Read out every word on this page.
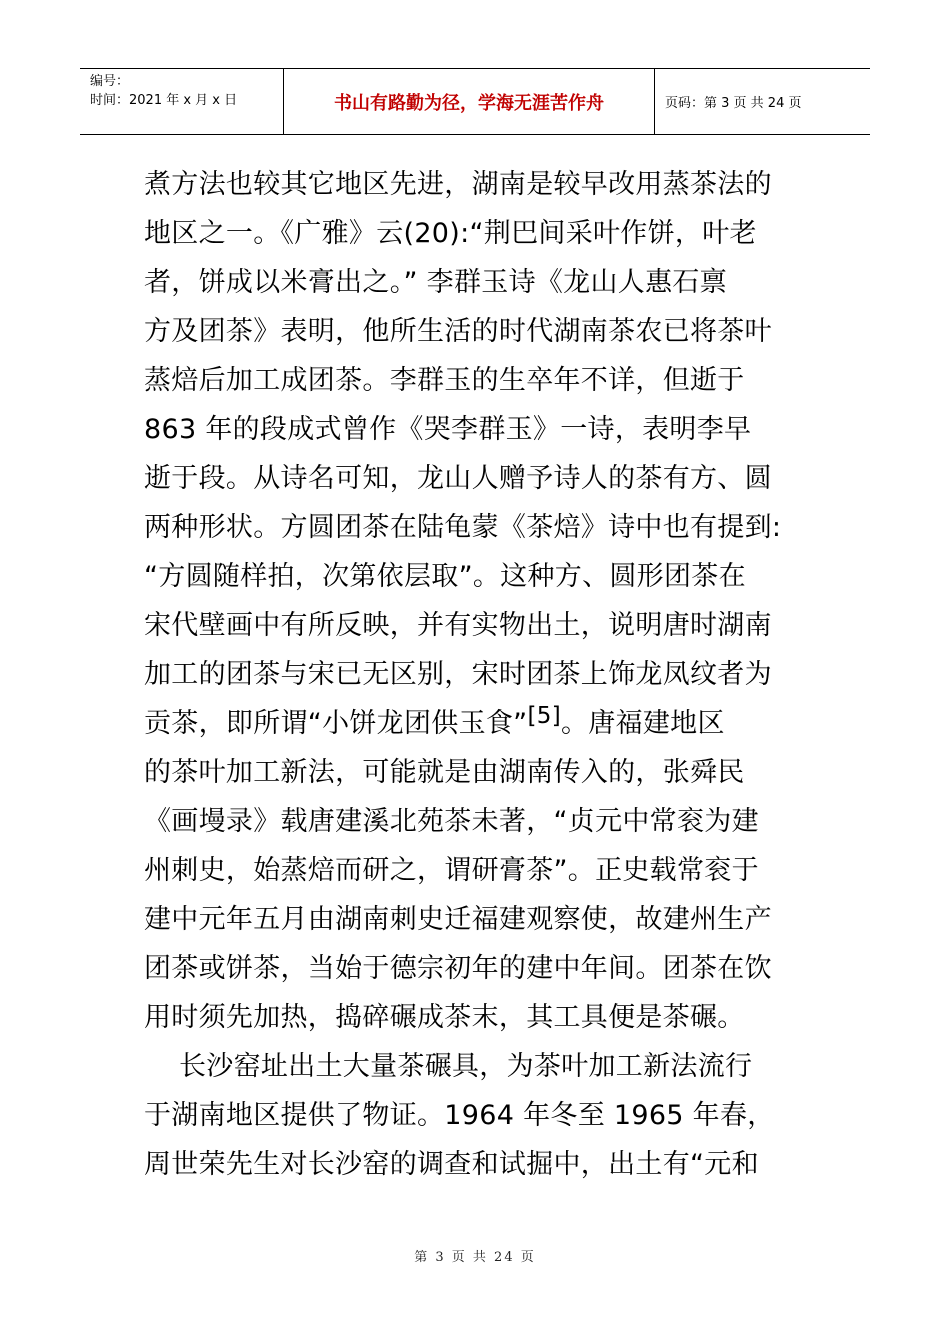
编号：
时间：2021 年 x 月 x 日	书山有路勤为径，学海无涯苦作舟	页码：第 3 页 共 24 页
煮方法也较其它地区先进，湖南是较早改用蒸茶法的
地区之一。《广雅》云(20):“荆巴间采叶作饼，叶老
者，饼成以米膏出之。” 李群玉诗《龙山人惠石禀
方及团茶》表明，他所生活的时代湖南茶农已将茶叶
蒸焙后加工成团茶。李群玉的生卒年不详，但逝于
863 年的段成式曾作《哭李群玉》一诗，表明李早
逝于段。从诗名可知，龙山人赠予诗人的茶有方、圆
两种形状。方圆团茶在陆龟蒙《茶焙》诗中也有提到:
“方圆随样拍，次第依层取”。这种方、圆形团茶在
宋代壁画中有所反映，并有实物出土，说明唐时湖南
加工的团茶与宋已无区别，宋时团茶上饰龙凤纹者为
贡茶，即所谓“小饼龙团供玉食”[5]。唐福建地区
的茶叶加工新法，可能就是由湖南传入的，张舜民
《画墁录》载唐建溪北苑茶未著，“贞元中常衮为建
州刺史，始蒸焙而研之，谓研膏茶”。正史载常衮于
建中元年五月由湖南刺史迁福建观察使，故建州生产
团茶或饼茶，当始于德宗初年的建中年间。团茶在饮
用时须先加热，捣碎碾成茶末，其工具便是茶碾。
长沙窑址出土大量茶碾具，为茶叶加工新法流行
于湖南地区提供了物证。1964 年冬至 1965 年春，
周世荣先生对长沙窑的调查和试掘中，出土有“元和
第 3 页 共 24 页
